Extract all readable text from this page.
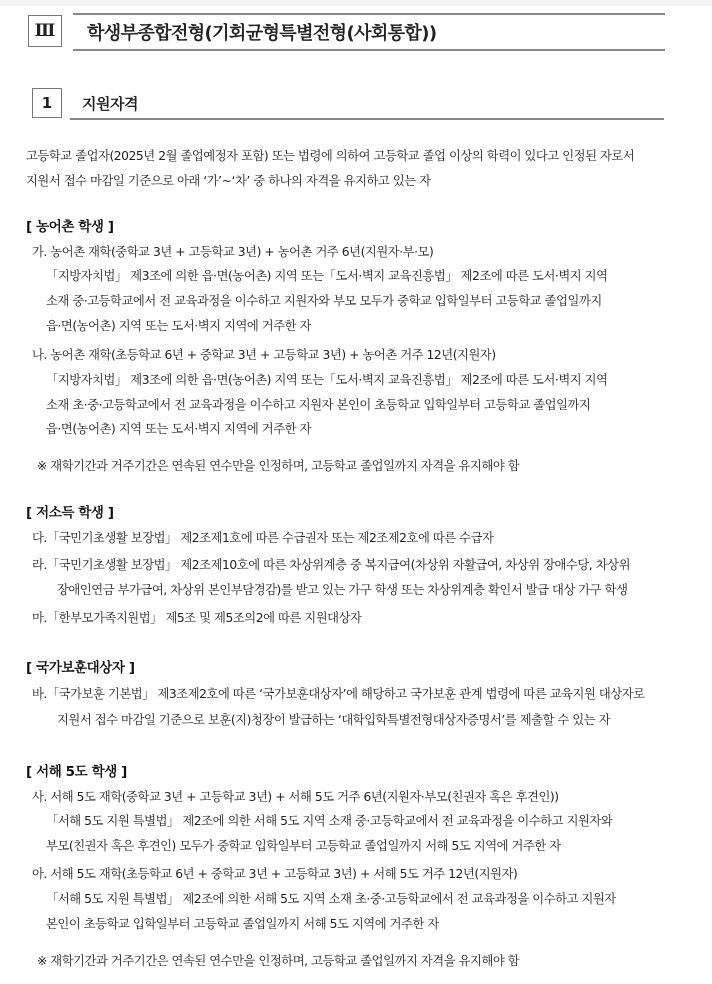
Ⅲ	학생부종합전형(기회균형특별전형(사회통합))
1	지원자격
고등학교 졸업자(2025년 2월 졸업예정자 포함) 또는 법령에 의하여 고등학교 졸업 이상의 학력이 있다고 인정된 자로서
지원서 접수 마감일 기준으로 아래 ‘가’~‘차’ 중 하나의 자격을 유지하고 있는 자
[ 농어촌 학생 ]
가. 농어촌 재학(중학교 3년 + 고등학교 3년) + 농어촌 거주 6년(지원자·부·모)
「지방자치법」 제3조에 의한 읍·면(농어촌) 지역 또는「도서·벽지 교육진흥법」 제2조에 따른 도서·벽지 지역
소재 중·고등학교에서 전 교육과정을 이수하고 지원자와 부모 모두가 중학교 입학일부터 고등학교 졸업일까지
읍·면(농어촌) 지역 또는 도서·벽지 지역에 거주한 자
나. 농어촌 재학(초등학교 6년 + 중학교 3년 + 고등학교 3년) + 농어촌 거주 12년(지원자)
「지방자치법」 제3조에 의한 읍·면(농어촌) 지역 또는「도서·벽지 교육진흥법」 제2조에 따른 도서·벽지 지역
소재 초·중·고등학교에서 전 교육과정을 이수하고 지원자 본인이 초등학교 입학일부터 고등학교 졸업일까지
읍·면(농어촌) 지역 또는 도서·벽지 지역에 거주한 자
※ 재학기간과 거주기간은 연속된 연수만을 인정하며, 고등학교 졸업일까지 자격을 유지해야 함
[ 저소득 학생 ]
다.「국민기초생활 보장법」 제2조제1호에 따른 수급권자 또는 제2조제2호에 따른 수급자
라.「국민기초생활 보장법」 제2조제10호에 따른 차상위계층 중 복지급여(차상위 자활급여, 차상위 장애수당, 차상위
장애인연금 부가급여, 차상위 본인부담경감)를 받고 있는 가구 학생 또는 차상위계층 확인서 발급 대상 가구 학생
마.「한부모가족지원법」 제5조 및 제5조의2에 따른 지원대상자
[ 국가보훈대상자 ]
바.「국가보훈 기본법」 제3조제2호에 따른 ‘국가보훈대상자’에 해당하고 국가보훈 관계 법령에 따른 교육지원 대상자로
지원서 접수 마감일 기준으로 보훈(지)청장이 발급하는 ‘대학입학특별전형대상자증명서’를 제출할 수 있는 자
[ 서해 5도 학생 ]
사. 서해 5도 재학(중학교 3년 + 고등학교 3년) + 서해 5도 거주 6년(지원자·부모(친권자 혹은 후견인))
「서해 5도 지원 특별법」 제2조에 의한 서해 5도 지역 소재 중·고등학교에서 전 교육과정을 이수하고 지원자와
부모(친권자 혹은 후견인) 모두가 중학교 입학일부터 고등학교 졸업일까지 서해 5도 지역에 거주한 자
아. 서해 5도 재학(초등학교 6년 + 중학교 3년 + 고등학교 3년) + 서해 5도 거주 12년(지원자)
「서해 5도 지원 특별법」 제2조에 의한 서해 5도 지역 소재 초·중·고등학교에서 전 교육과정을 이수하고 지원자
본인이 초등학교 입학일부터 고등학교 졸업일까지 서해 5도 지역에 거주한 자
※ 재학기간과 거주기간은 연속된 연수만을 인정하며, 고등학교 졸업일까지 자격을 유지해야 함
